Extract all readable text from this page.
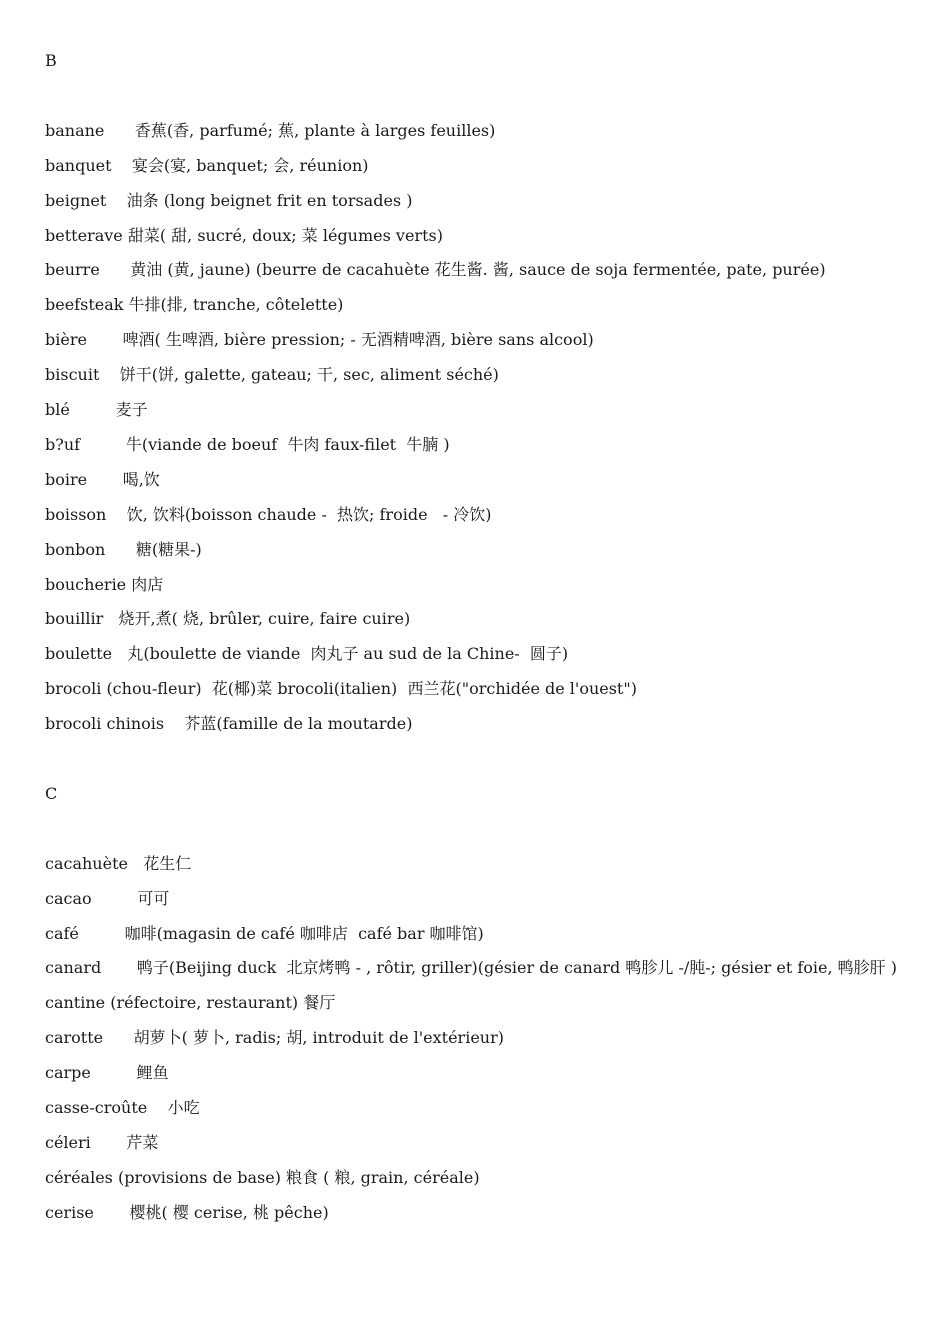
B
banane      香蕉(香, parfumé; 蕉, plante à larges feuilles)
banquet    宴会(宴, banquet; 会, réunion)
beignet    油条 (long beignet frit en torsades )
betterave 甜菜( 甜, sucré, doux; 菜 légumes verts)
beurre      黄油 (黄, jaune) (beurre de cacahuète 花生酱. 酱, sauce de soja fermentée, pate, purée)
beefsteak 牛排(排, tranche, côtelette)
bière       啤酒( 生啤酒, bière pression; - 无酒精啤酒, bière sans alcool)
biscuit    饼干(饼, galette, gateau; 干, sec, aliment séché)
blé         麦子
b?uf         牛(viande de boeuf  牛肉 faux-filet  牛腩 )
boire       喝,饮
boisson    饮, 饮料(boisson chaude -  热饮; froide   - 冷饮)
bonbon      糖(糖果-)
boucherie 肉店
bouillir   烧开,煮( 烧, brûler, cuire, faire cuire)
boulette   丸(boulette de viande  肉丸子 au sud de la Chine-  圆子)
brocoli (chou-fleur)  花(椰)菜 brocoli(italien)  西兰花("orchidée de l'ouest")
brocoli chinois    芥蓝(famille de la moutarde)
C
cacahuète   花生仁
cacao         可可
café         咖啡(magasin de café 咖啡店  café bar 咖啡馆)
canard       鸭子(Beijing duck  北京烤鸭 - , rôtir, griller)(gésier de canard 鸭胗儿 -/肫-; gésier et foie, 鸭胗肝 )
cantine (réfectoire, restaurant) 餐厅
carotte      胡萝卜( 萝卜, radis; 胡, introduit de l'extérieur)
carpe         鲤鱼
casse-croûte    小吃
céleri       芹菜
céréales (provisions de base) 粮食 ( 粮, grain, céréale)
cerise       樱桃( 樱 cerise, 桃 pêche)
